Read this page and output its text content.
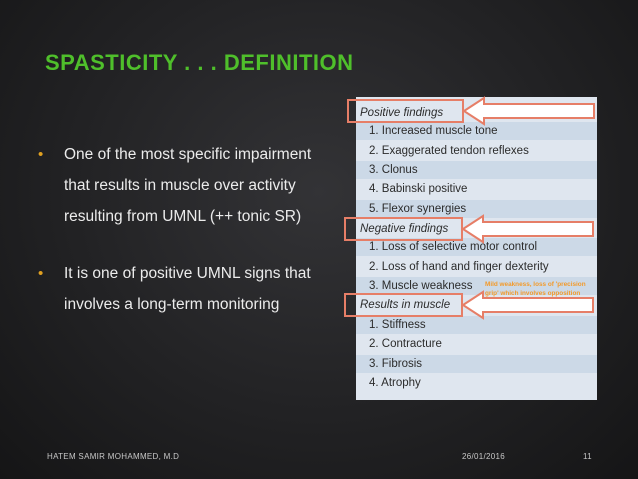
SPASTICITY . . . DEFINITION
• One of the most specific impairment that results in muscle over activity resulting from UMNL (++ tonic SR)
• It is one of positive UMNL signs that involves a long-term monitoring
Positive findings
1. Increased muscle tone
2. Exaggerated tendon reflexes
3. Clonus
4. Babinski positive
5. Flexor synergies
Negative findings
1. Loss of selective motor control
2. Loss of hand and finger dexterity
3. Muscle weakness
Results in muscle
1. Stiffness
2. Contracture
3. Fibrosis
4. Atrophy
Mild weakness, loss of 'precision grip' which involves opposition
HATEM SAMIR MOHAMMED, M.D	26/01/2016	11
